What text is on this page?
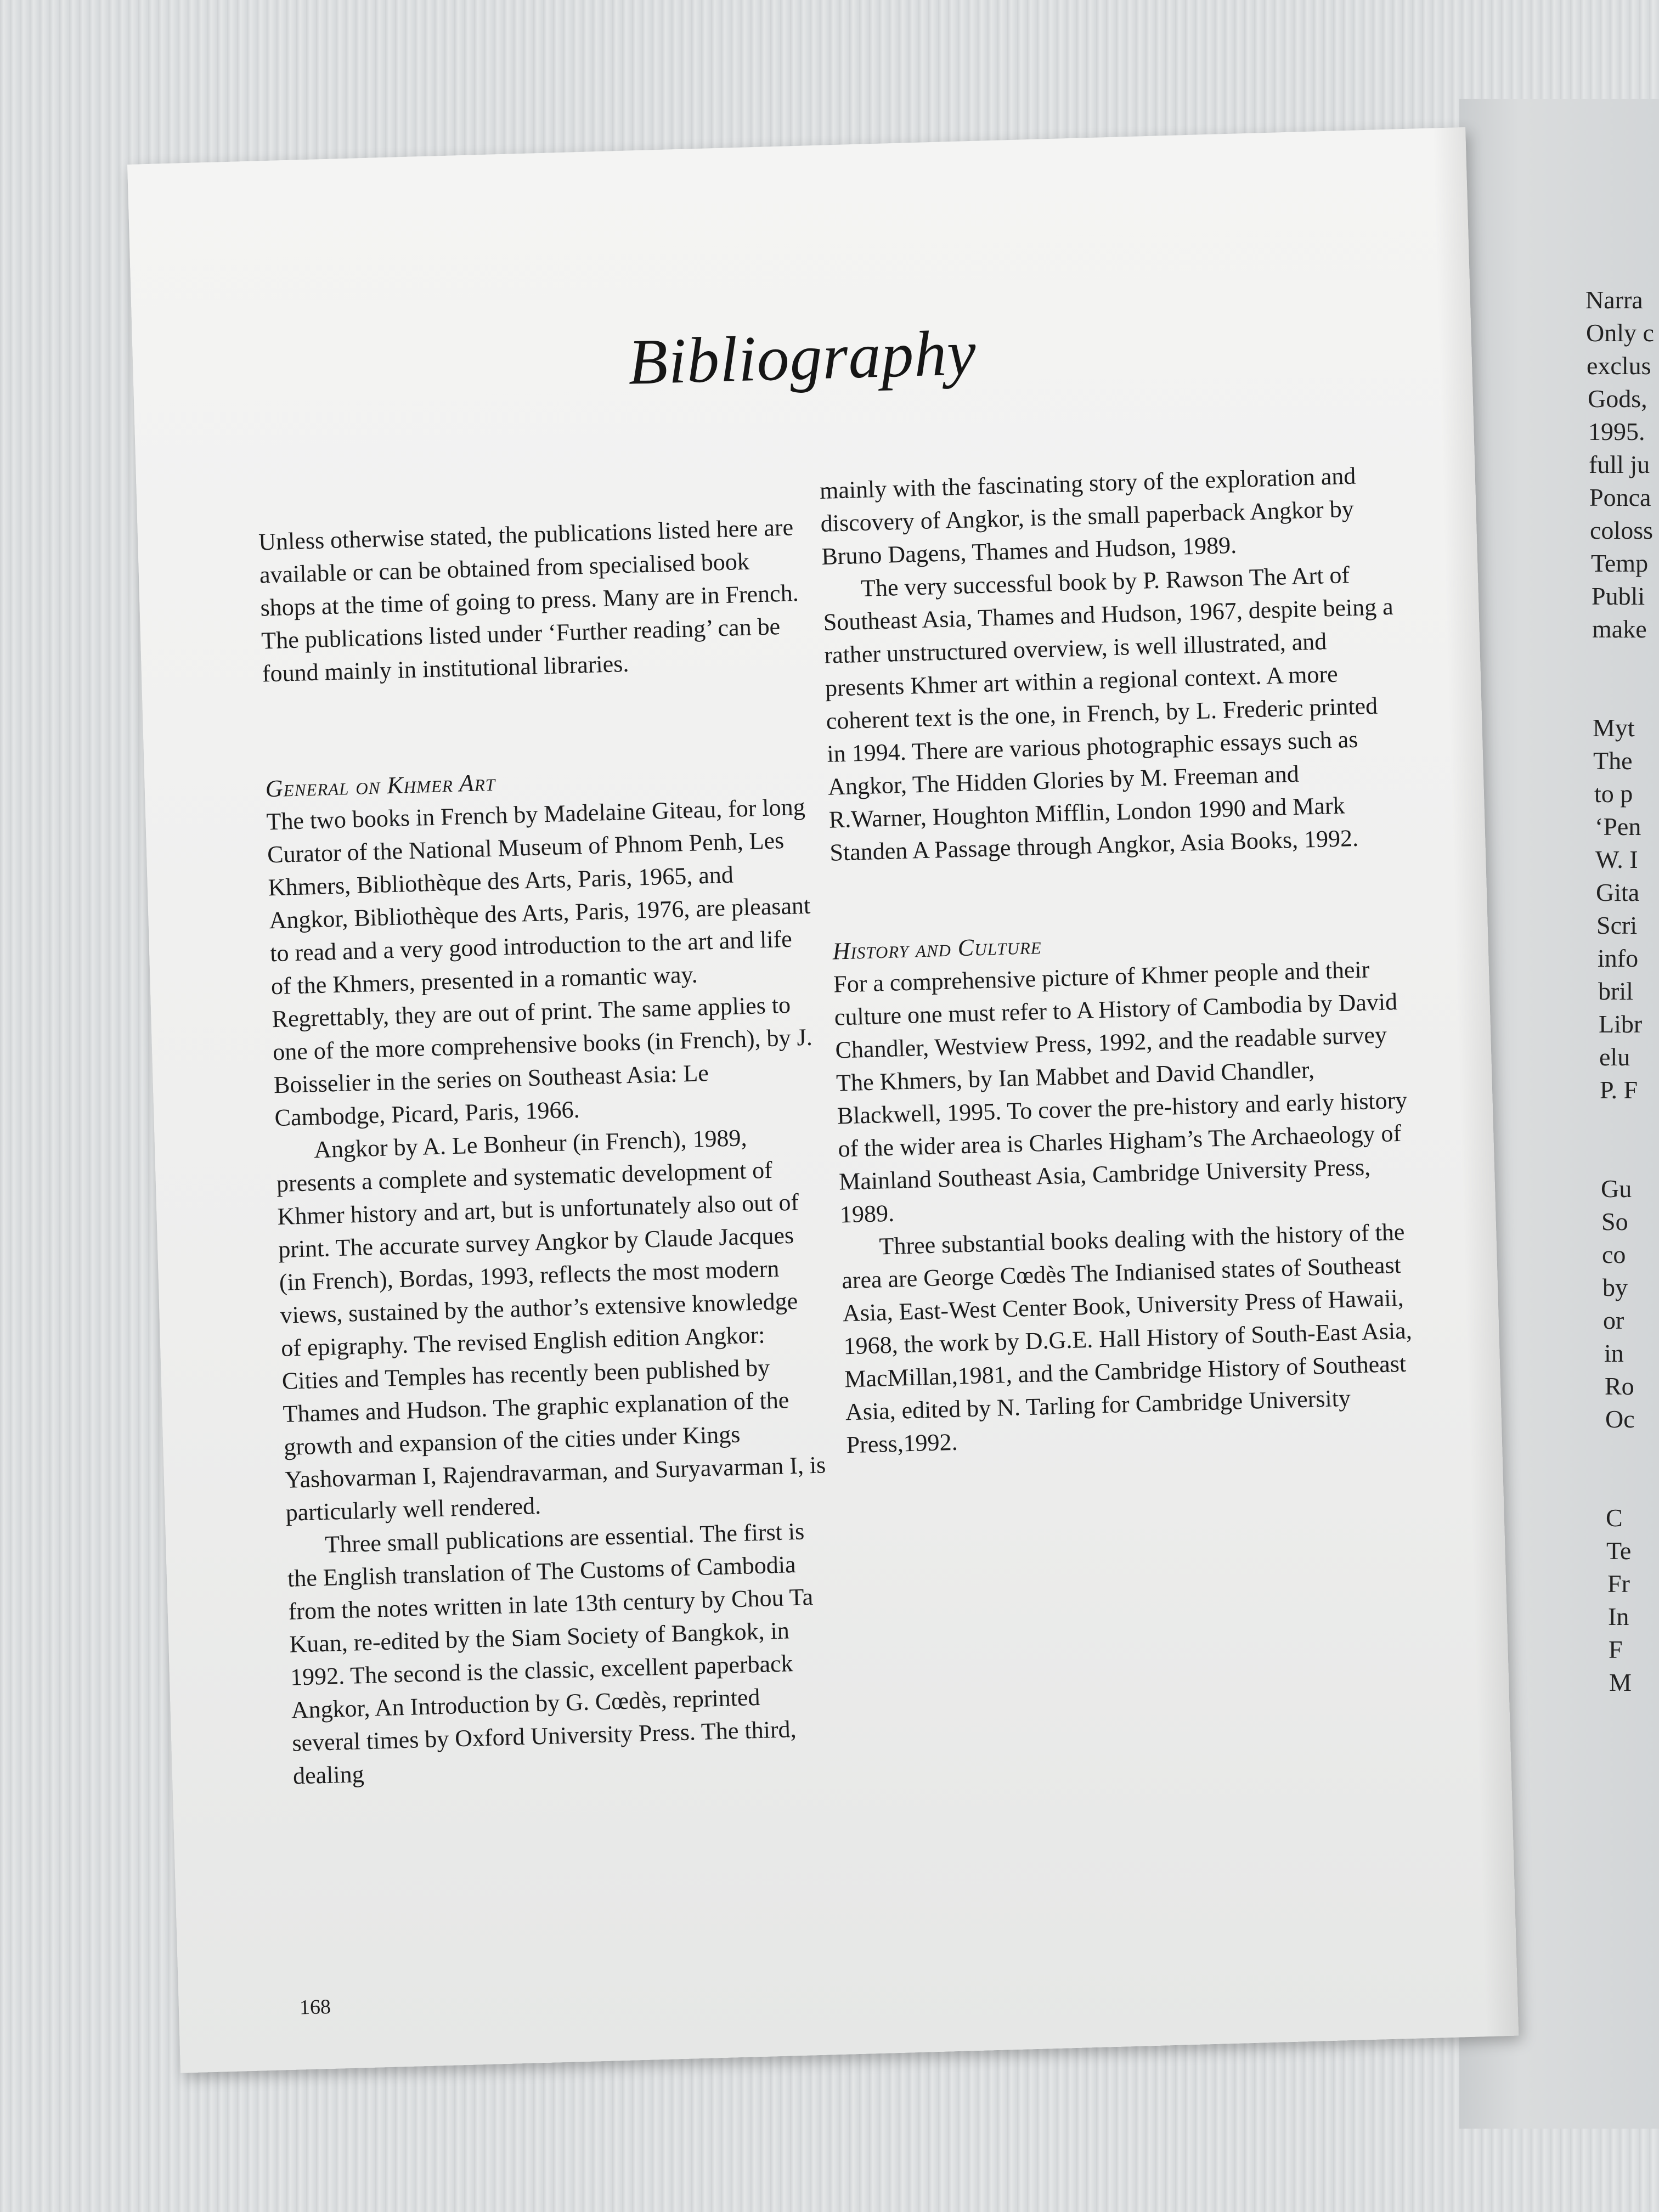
Narra
Only c
exclus
Gods,
1995.
full ju
Ponca
coloss
Temp
Publi
make
Myt
The
to p
‘Pen
W. I
Gita
Scri
info
bril
Libr
elu
P. F
Gu
So
co
by
or
in
Ro
Oc
C
Te
Fr
In
F
M
Bibliography

Unless otherwise stated, the publications listed here are available or can be obtained from specialised book shops at the time of going to press. Many are in French. The publications listed under ‘Further reading’ can be found mainly in institutional libraries.

General on Khmer Art

The two books in French by Madelaine Giteau, for long Curator of the National Museum of Phnom Penh, Les Khmers, Bibliothèque des Arts, Paris, 1965, and Angkor, Bibliothèque des Arts, Paris, 1976, are pleasant to read and a very good introduction to the art and life of the Khmers, presented in a romantic way. Regrettably, they are out of print. The same applies to one of the more comprehensive books (in French), by J. Boisselier in the series on Southeast Asia: Le Cambodge, Picard, Paris, 1966.

Angkor by A. Le Bonheur (in French), 1989, presents a complete and systematic development of Khmer history and art, but is unfortunately also out of print. The accurate survey Angkor by Claude Jacques (in French), Bordas, 1993, reflects the most modern views, sustained by the author’s extensive knowledge of epigraphy. The revised English edition Angkor: Cities and Temples has recently been published by Thames and Hudson. The graphic explanation of the growth and expansion of the cities under Kings Yashovarman I, Rajendravarman, and Suryavarman I, is particularly well rendered.

Three small publications are essential. The first is the English translation of The Customs of Cambodia from the notes written in late 13th century by Chou Ta Kuan, re-edited by the Siam Society of Bangkok, in 1992. The second is the classic, excellent paperback Angkor, An Introduction by G. Cœdès, reprinted several times by Oxford University Press. The third, dealing

mainly with the fascinating story of the exploration and discovery of Angkor, is the small paperback Angkor by Bruno Dagens, Thames and Hudson, 1989.

The very successful book by P. Rawson The Art of Southeast Asia, Thames and Hudson, 1967, despite being a rather unstructured overview, is well illustrated, and presents Khmer art within a regional context. A more coherent text is the one, in French, by L. Frederic printed in 1994. There are various photographic essays such as Angkor, The Hidden Glories by M. Freeman and R.Warner, Houghton Mifflin, London 1990 and Mark Standen A Passage through Angkor, Asia Books, 1992.

History and Culture

For a comprehensive picture of Khmer people and their culture one must refer to A History of Cambodia by David Chandler, Westview Press, 1992, and the readable survey The Khmers, by Ian Mabbet and David Chandler, Blackwell, 1995. To cover the pre-history and early history of the wider area is Charles Higham’s The Archaeology of Mainland Southeast Asia, Cambridge University Press, 1989.

Three substantial books dealing with the history of the area are George Cœdès The Indianised states of Southeast Asia, East-West Center Book, University Press of Hawaii, 1968, the work by D.G.E. Hall History of South-East Asia, MacMillan,1981, and the Cambridge History of Southeast Asia, edited by N. Tarling for Cambridge University Press,1992.

168
